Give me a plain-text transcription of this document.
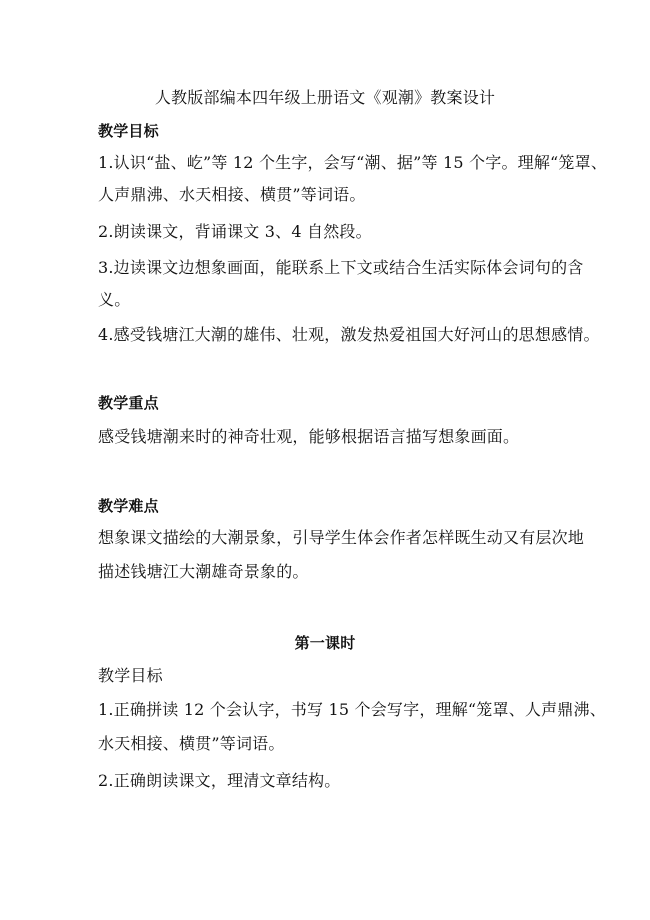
人教版部编本四年级上册语文《观潮》教案设计
教学目标
1.认识“盐、屹”等 12 个生字，会写“潮、据”等 15 个字。理解“笼罩、
人声鼎沸、水天相接、横贯”等词语。
2.朗读课文，背诵课文 3、4 自然段。
3.边读课文边想象画面，能联系上下文或结合生活实际体会词句的含
义。
4.感受钱塘江大潮的雄伟、壮观，激发热爱祖国大好河山的思想感情。
教学重点
感受钱塘潮来时的神奇壮观，能够根据语言描写想象画面。
教学难点
想象课文描绘的大潮景象，引导学生体会作者怎样既生动又有层次地
描述钱塘江大潮雄奇景象的。
第一课时
教学目标
1.正确拼读 12 个会认字，书写 15 个会写字，理解“笼罩、人声鼎沸、
水天相接、横贯”等词语。
2.正确朗读课文，理清文章结构。
